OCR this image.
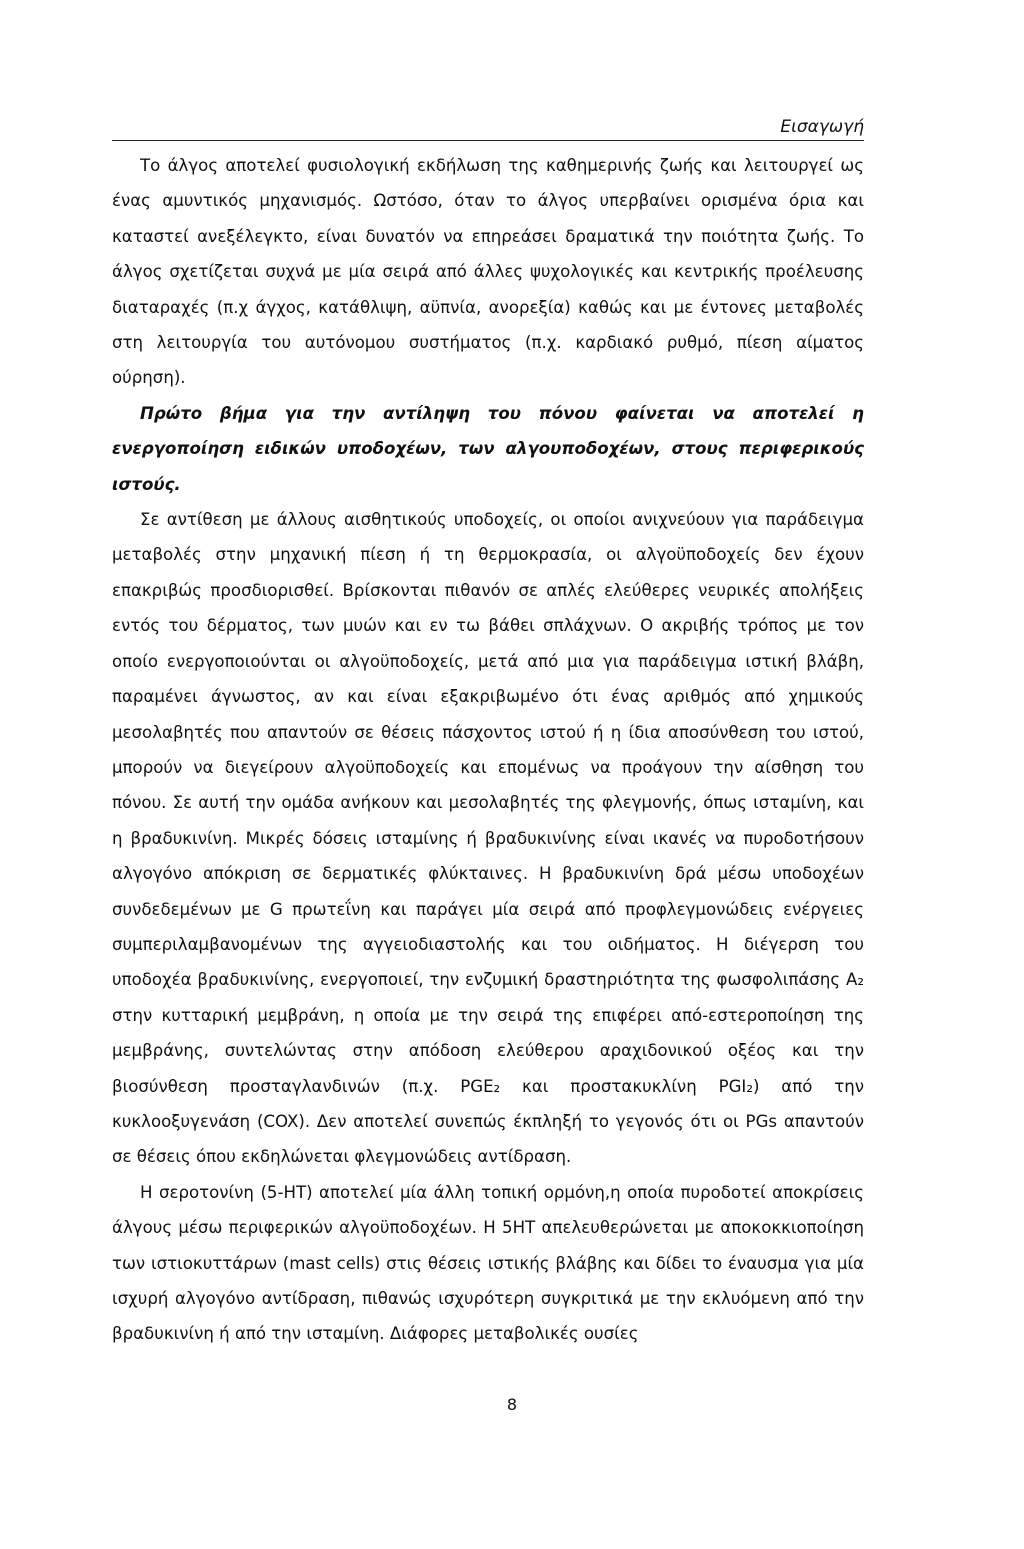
Εισαγωγή

Το άλγος αποτελεί φυσιολογική εκδήλωση της καθημερινής ζωής και λειτουργεί ως ένας αμυντικός μηχανισμός. Ωστόσο, όταν το άλγος υπερβαίνει ορισμένα όρια και καταστεί ανεξέλεγκτο, είναι δυνατόν να επηρεάσει δραματικά την ποιότητα ζωής. Το άλγος σχετίζεται συχνά με μία σειρά από άλλες ψυχολογικές και κεντρικής προέλευσης διαταραχές (π.χ άγχος, κατάθλιψη, αϋπνία, ανορεξία) καθώς και με έντονες μεταβολές στη λειτουργία του αυτόνομου συστήματος (π.χ. καρδιακό ρυθμό, πίεση αίματος ούρηση).

Πρώτο βήμα για την αντίληψη του πόνου φαίνεται να αποτελεί η ενεργοποίηση ειδικών υποδοχέων, των αλγουποδοχέων, στους περιφερικούς ιστούς.

Σε αντίθεση με άλλους αισθητικούς υποδοχείς, οι οποίοι ανιχνεύουν για παράδειγμα μεταβολές στην μηχανική πίεση ή τη θερμοκρασία, οι αλγοϋποδοχείς δεν έχουν επακριβώς προσδιορισθεί. Βρίσκονται πιθανόν σε απλές ελεύθερες νευρικές απολήξεις εντός του δέρματος, των μυών και εν τω βάθει σπλάχνων. Ο ακριβής τρόπος με τον οποίο ενεργοποιούνται οι αλγοϋποδοχείς, μετά από μια για παράδειγμα ιστική βλάβη, παραμένει άγνωστος, αν και είναι εξακριβωμένο ότι ένας αριθμός από χημικούς μεσολαβητές που απαντούν σε θέσεις πάσχοντος ιστού ή η ίδια αποσύνθεση του ιστού, μπορούν να διεγείρουν αλγοϋποδοχείς και επομένως να προάγουν την αίσθηση του πόνου. Σε αυτή την ομάδα ανήκουν και μεσολαβητές της φλεγμονής, όπως ισταμίνη, και η βραδυκινίνη. Μικρές δόσεις ισταμίνης ή βραδυκινίνης είναι ικανές να πυροδοτήσουν αλγογόνο απόκριση σε δερματικές φλύκταινες. Η βραδυκινίνη δρά μέσω υποδοχέων συνδεδεμένων με G πρωτεΐνη και παράγει μία σειρά από προφλεγμονώδεις ενέργειες συμπεριλαμβανομένων της αγγειοδιαστολής και του οιδήματος. Η διέγερση του υποδοχέα βραδυκινίνης, ενεργοποιεί, την ενζυμική δραστηριότητα της φωσφολιπάσης A₂ στην κυτταρική μεμβράνη, η οποία με την σειρά της επιφέρει από-εστεροποίηση της μεμβράνης, συντελώντας στην απόδοση ελεύθερου αραχιδονικού οξέος και την βιοσύνθεση προσταγλανδινών (π.χ. PGE₂ και προστακυκλίνη PGI₂) από την κυκλοοξυγενάση (COX). Δεν αποτελεί συνεπώς έκπληξή το γεγονός ότι οι PGs απαντούν σε θέσεις όπου εκδηλώνεται φλεγμονώδεις αντίδραση.

Η σεροτονίνη (5-HT) αποτελεί μία άλλη τοπική ορμόνη,η οποία πυροδοτεί αποκρίσεις άλγους μέσω περιφερικών αλγοϋποδοχέων. Η 5HT απελευθερώνεται με αποκοκκιοποίηση των ιστιοκυττάρων (mast cells) στις θέσεις ιστικής βλάβης και δίδει το έναυσμα για μία ισχυρή αλγογόνο αντίδραση, πιθανώς ισχυρότερη συγκριτικά με την εκλυόμενη από την βραδυκινίνη ή από την ισταμίνη. Διάφορες μεταβολικές ουσίες

8
